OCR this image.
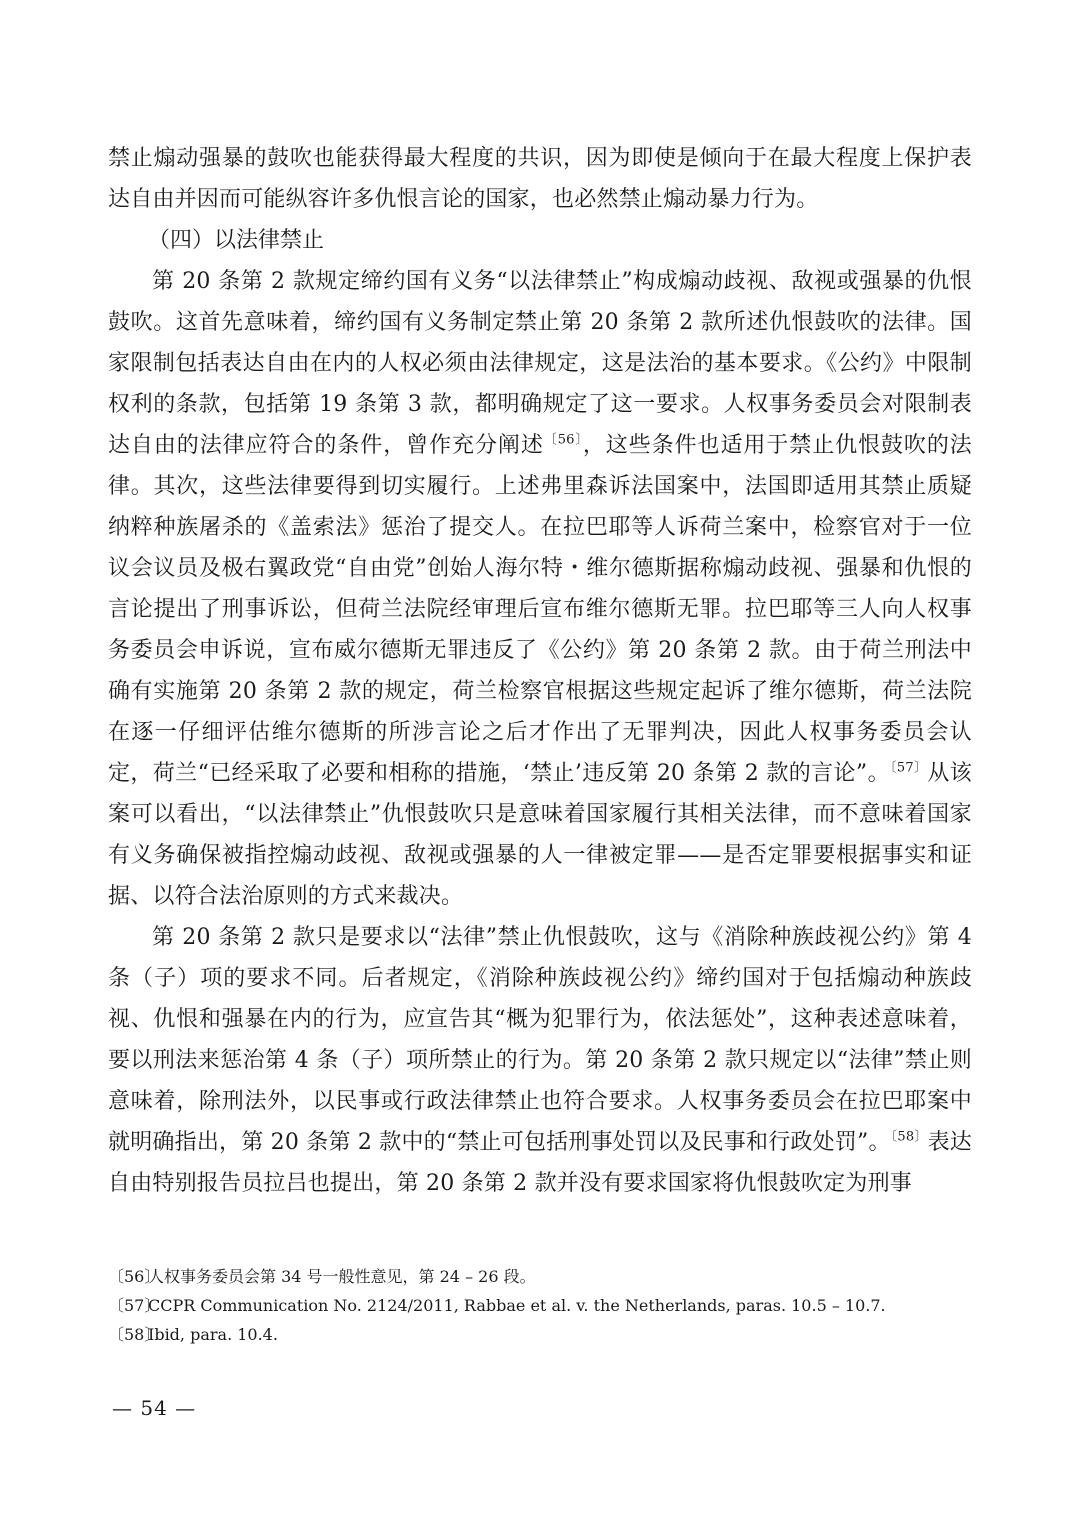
禁止煽动强暴的鼓吹也能获得最大程度的共识，因为即使是倾向于在最大程度上保护表达自由并因而可能纵容许多仇恨言论的国家，也必然禁止煽动暴力行为。

（四）以法律禁止

第 20 条第 2 款规定缔约国有义务“以法律禁止”构成煽动歧视、敌视或强暴的仇恨鼓吹。这首先意味着，缔约国有义务制定禁止第 20 条第 2 款所述仇恨鼓吹的法律。国家限制包括表达自由在内的人权必须由法律规定，这是法治的基本要求。《公约》中限制权利的条款，包括第 19 条第 3 款，都明确规定了这一要求。人权事务委员会对限制表达自由的法律应符合的条件，曾作充分阐述$^{〔56〕}$，这些条件也适用于禁止仇恨鼓吹的法律。其次，这些法律要得到切实履行。上述弗里森诉法国案中，法国即适用其禁止质疑纳粹种族屠杀的《盖索法》惩治了提交人。在拉巴耶等人诉荷兰案中，检察官对于一位议会议员及极右翼政党“自由党”创始人海尔特・维尔德斯据称煽动歧视、强暴和仇恨的言论提出了刑事诉讼，但荷兰法院经审理后宣布维尔德斯无罪。拉巴耶等三人向人权事务委员会申诉说，宣布威尔德斯无罪违反了《公约》第 20 条第 2 款。由于荷兰刑法中确有实施第 20 条第 2 款的规定，荷兰检察官根据这些规定起诉了维尔德斯，荷兰法院在逐一仔细评估维尔德斯的所涉言论之后才作出了无罪判决，因此人权事务委员会认定，荷兰“已经采取了必要和相称的措施，‘禁止’违反第 20 条第 2 款的言论”。$^{〔57〕}$从该案可以看出，“以法律禁止”仇恨鼓吹只是意味着国家履行其相关法律，而不意味着国家有义务确保被指控煽动歧视、敌视或强暴的人一律被定罪——是否定罪要根据事实和证据、以符合法治原则的方式来裁决。

第 20 条第 2 款只是要求以“法律”禁止仇恨鼓吹，这与《消除种族歧视公约》第 4 条（子）项的要求不同。后者规定，《消除种族歧视公约》缔约国对于包括煽动种族歧视、仇恨和强暴在内的行为，应宣告其“概为犯罪行为，依法惩处”，这种表述意味着，要以刑法来惩治第 4 条（子）项所禁止的行为。第 20 条第 2 款只规定以“法律”禁止则意味着，除刑法外，以民事或行政法律禁止也符合要求。人权事务委员会在拉巴耶案中就明确指出，第 20 条第 2 款中的“禁止可包括刑事处罚以及民事和行政处罚”。$^{〔58〕}$表达自由特别报告员拉吕也提出，第 20 条第 2 款并没有要求国家将仇恨鼓吹定为刑事

〔56〕
人权事务委员会第 34 号一般性意见，第 24 – 26 段。
〔57〕
CCPR Communication No. 2124/2011, Rabbae et al. v. the Netherlands, paras. 10.5 – 10.7.
〔58〕
Ibid, para. 10.4.
— 54 —
